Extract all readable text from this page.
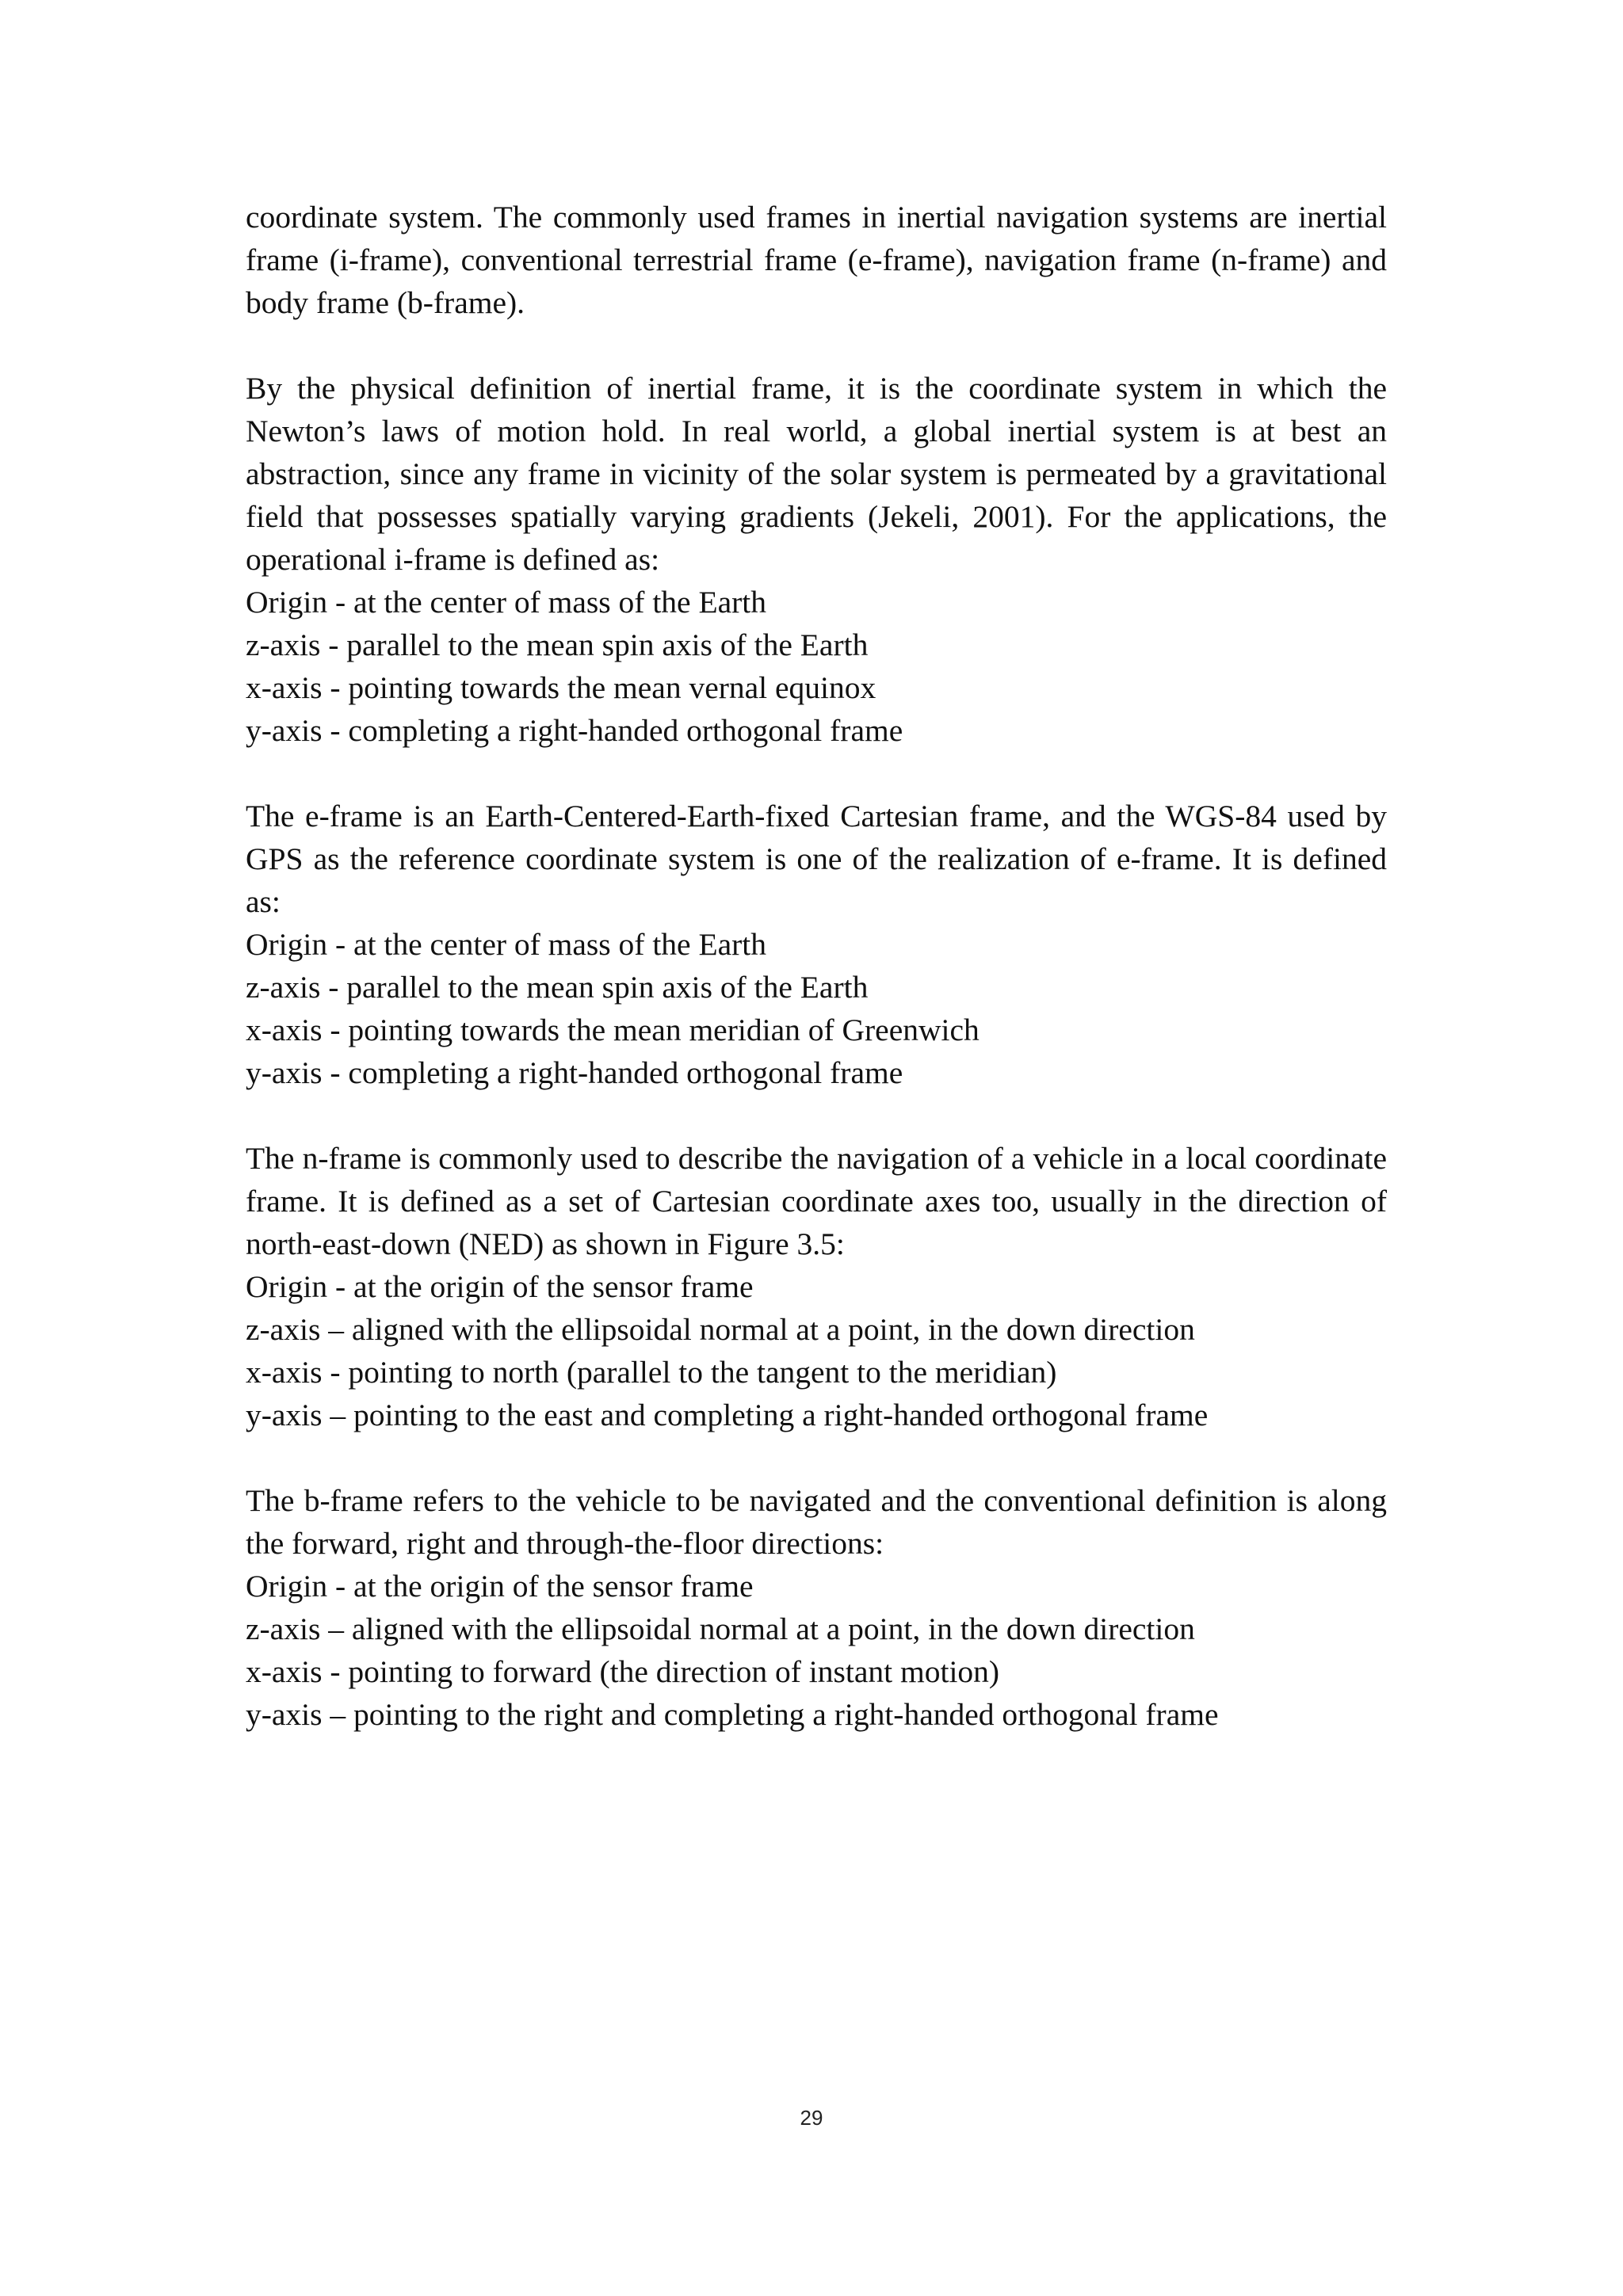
coordinate system. The commonly used frames in inertial navigation systems are inertial frame (i-frame), conventional terrestrial frame (e-frame), navigation frame (n-frame) and body frame (b-frame).
By the physical definition of inertial frame, it is the coordinate system in which the Newton’s laws of motion hold. In real world, a global inertial system is at best an abstraction, since any frame in vicinity of the solar system is permeated by a gravitational field that possesses spatially varying gradients (Jekeli, 2001). For the applications, the operational i-frame is defined as:
Origin - at the center of mass of the Earth
z-axis - parallel to the mean spin axis of the Earth
x-axis - pointing towards the mean vernal equinox
y-axis - completing a right-handed orthogonal frame
The e-frame is an Earth-Centered-Earth-fixed Cartesian frame, and the WGS-84 used by GPS as the reference coordinate system is one of the realization of e-frame. It is defined as:
Origin - at the center of mass of the Earth
z-axis - parallel to the mean spin axis of the Earth
x-axis - pointing towards the mean meridian of Greenwich
y-axis - completing a right-handed orthogonal frame
The n-frame is commonly used to describe the navigation of a vehicle in a local coordinate frame. It is defined as a set of Cartesian coordinate axes too, usually in the direction of north-east-down (NED) as shown in Figure 3.5:
Origin - at the origin of the sensor frame
z-axis – aligned with the ellipsoidal normal at a point, in the down direction
x-axis - pointing to north (parallel to the tangent to the meridian)
y-axis – pointing to the east and completing a right-handed orthogonal frame
The b-frame refers to the vehicle to be navigated and the conventional definition is along the forward, right and through-the-floor directions:
Origin - at the origin of the sensor frame
z-axis – aligned with the ellipsoidal normal at a point, in the down direction
x-axis - pointing to forward (the direction of instant motion)
y-axis – pointing to the right and completing a right-handed orthogonal frame
29
